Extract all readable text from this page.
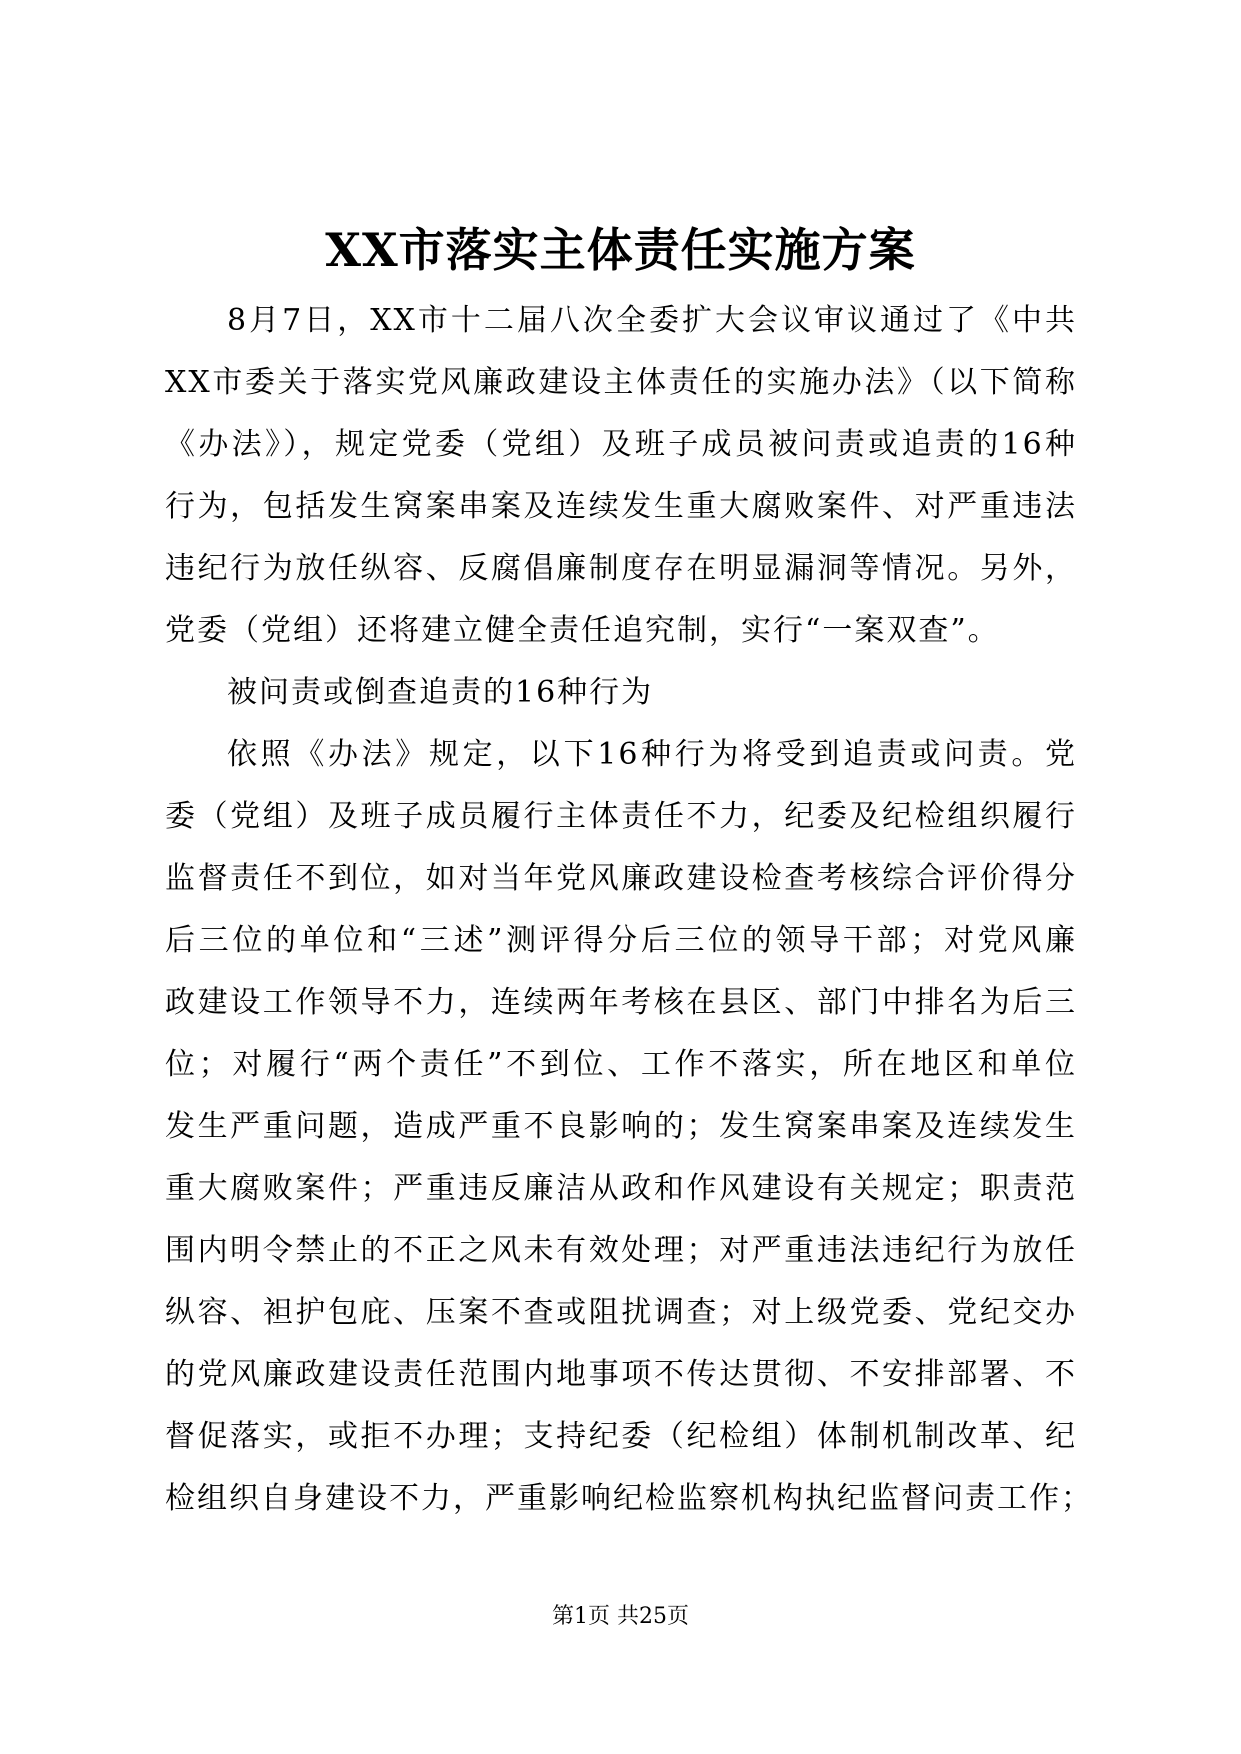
XX市落实主体责任实施方案

8月7日，XX市十二届八次全委扩大会议审议通过了《中共
XX市委关于落实党风廉政建设主体责任的实施办法》（以下简称
《办法》），规定党委（党组）及班子成员被问责或追责的16种
行为，包括发生窝案串案及连续发生重大腐败案件、对严重违法
违纪行为放任纵容、反腐倡廉制度存在明显漏洞等情况。另外，
党委（党组）还将建立健全责任追究制，实行“一案双查”。

被问责或倒查追责的16种行为

依照《办法》规定，以下16种行为将受到追责或问责。党
委（党组）及班子成员履行主体责任不力，纪委及纪检组织履行
监督责任不到位，如对当年党风廉政建设检查考核综合评价得分
后三位的单位和“三述”测评得分后三位的领导干部；对党风廉
政建设工作领导不力，连续两年考核在县区、部门中排名为后三
位；对履行“两个责任”不到位、工作不落实，所在地区和单位
发生严重问题，造成严重不良影响的；发生窝案串案及连续发生
重大腐败案件；严重违反廉洁从政和作风建设有关规定；职责范
围内明令禁止的不正之风未有效处理；对严重违法违纪行为放任
纵容、袒护包庇、压案不查或阻扰调查；对上级党委、党纪交办
的党风廉政建设责任范围内地事项不传达贯彻、不安排部署、不
督促落实，或拒不办理；支持纪委（纪检组）体制机制改革、纪
检组织自身建设不力，严重影响纪检监察机构执纪监督问责工作；

第1页 共25页
